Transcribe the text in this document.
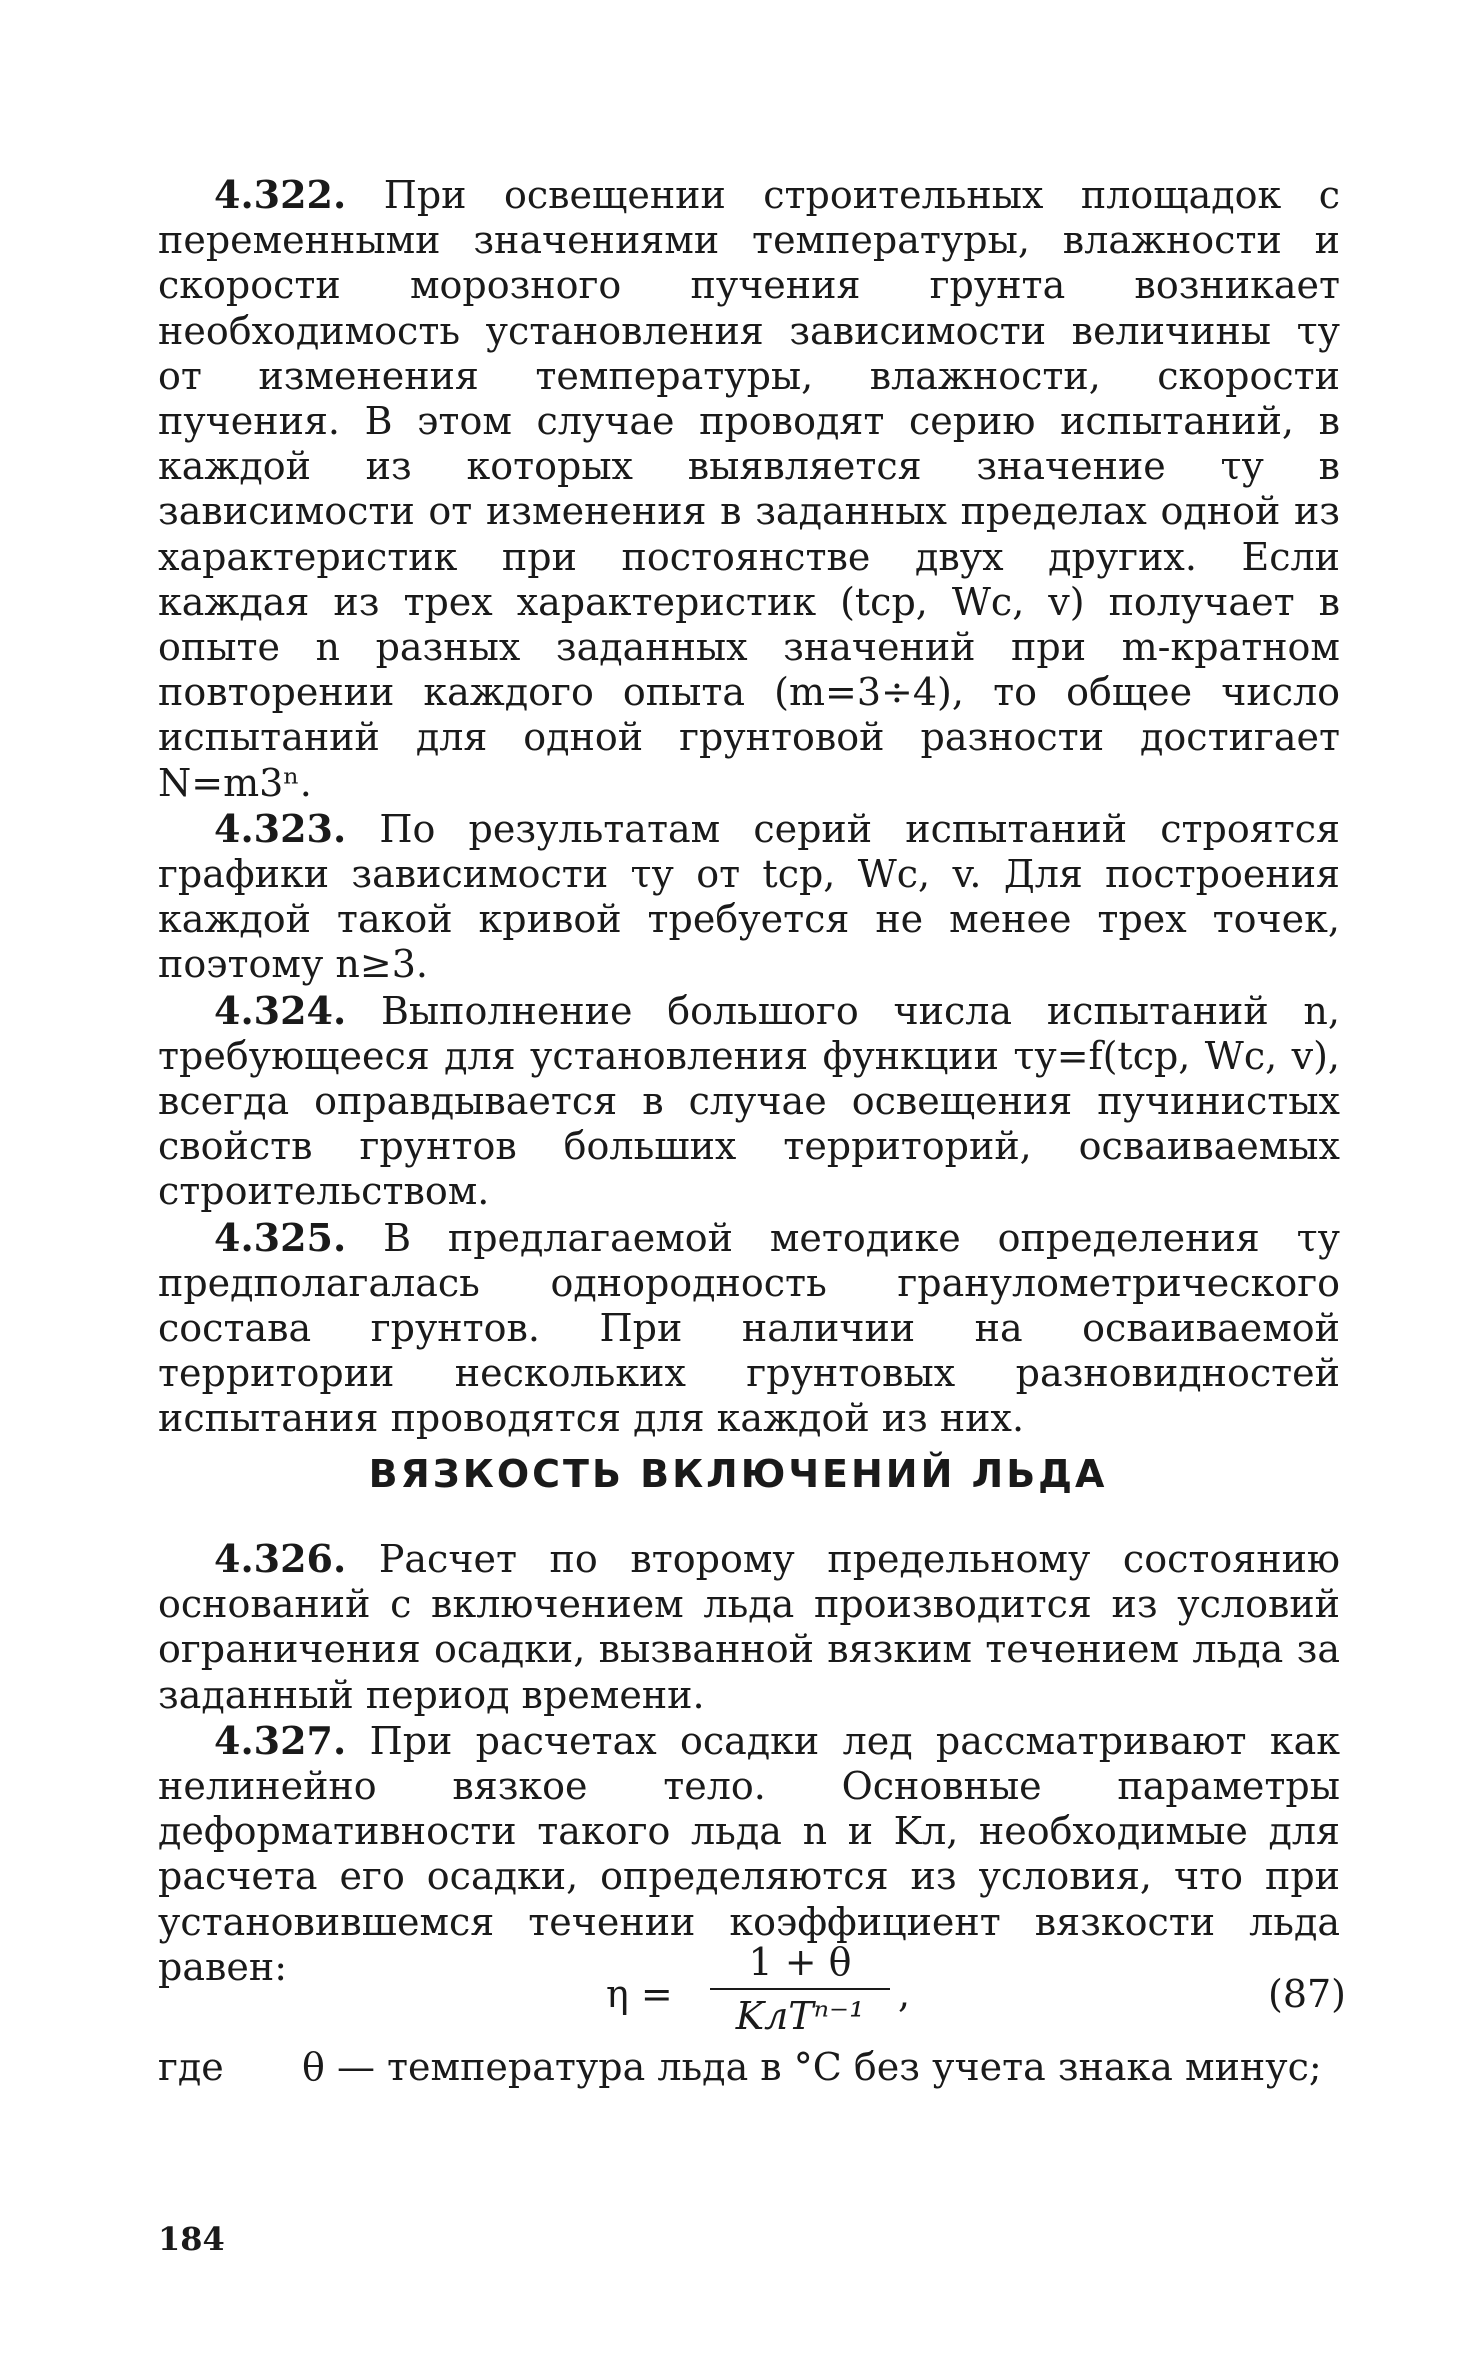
4.322. При освещении строительных площадок с переменными значениями температуры, влажности и скорости морозного пучения грунта возникает необходимость установления зависимости величины τу от изменения температуры, влажности, скорости пучения. В этом случае проводят серию испытаний, в каждой из которых выявляется значение τу в зависимости от изменения в заданных пределах одной из характеристик при постоянстве двух других. Если каждая из трех характеристик (tср, Wс, v) получает в опыте n разных заданных значений при m-кратном повторении каждого опыта (m=3÷4), то общее число испытаний для одной грунтовой разности достигает N=m3ⁿ.

4.323. По результатам серий испытаний строятся графики зависимости τу от tср, Wс, v. Для построения каждой такой кривой требуется не менее трех точек, поэтому n≥3.

4.324. Выполнение большого числа испытаний n, требующееся для установления функции τу=f(tср, Wс, v), всегда оправдывается в случае освещения пучинистых свойств грунтов больших территорий, осваиваемых строительством.

4.325. В предлагаемой методике определения τу предполагалась однородность гранулометрического состава грунтов. При наличии на осваиваемой территории нескольких грунтовых разновидностей испытания проводятся для каждой из них.

ВЯЗКОСТЬ ВКЛЮЧЕНИЙ ЛЬДА

4.326. Расчет по второму предельному состоянию оснований с включением льда производится из условий ограничения осадки, вызванной вязким течением льда за заданный период времени.

4.327. При расчетах осадки лед рассматривают как нелинейно вязкое тело. Основные параметры деформативности такого льда n и Kл, необходимые для расчета его осадки, определяются из условия, что при установившемся течении коэффициент вязкости льда равен:

η =
1 + θ
KлTⁿ⁻¹ ,	(87)
где θ — температура льда в °С без учета знака минус;
184
